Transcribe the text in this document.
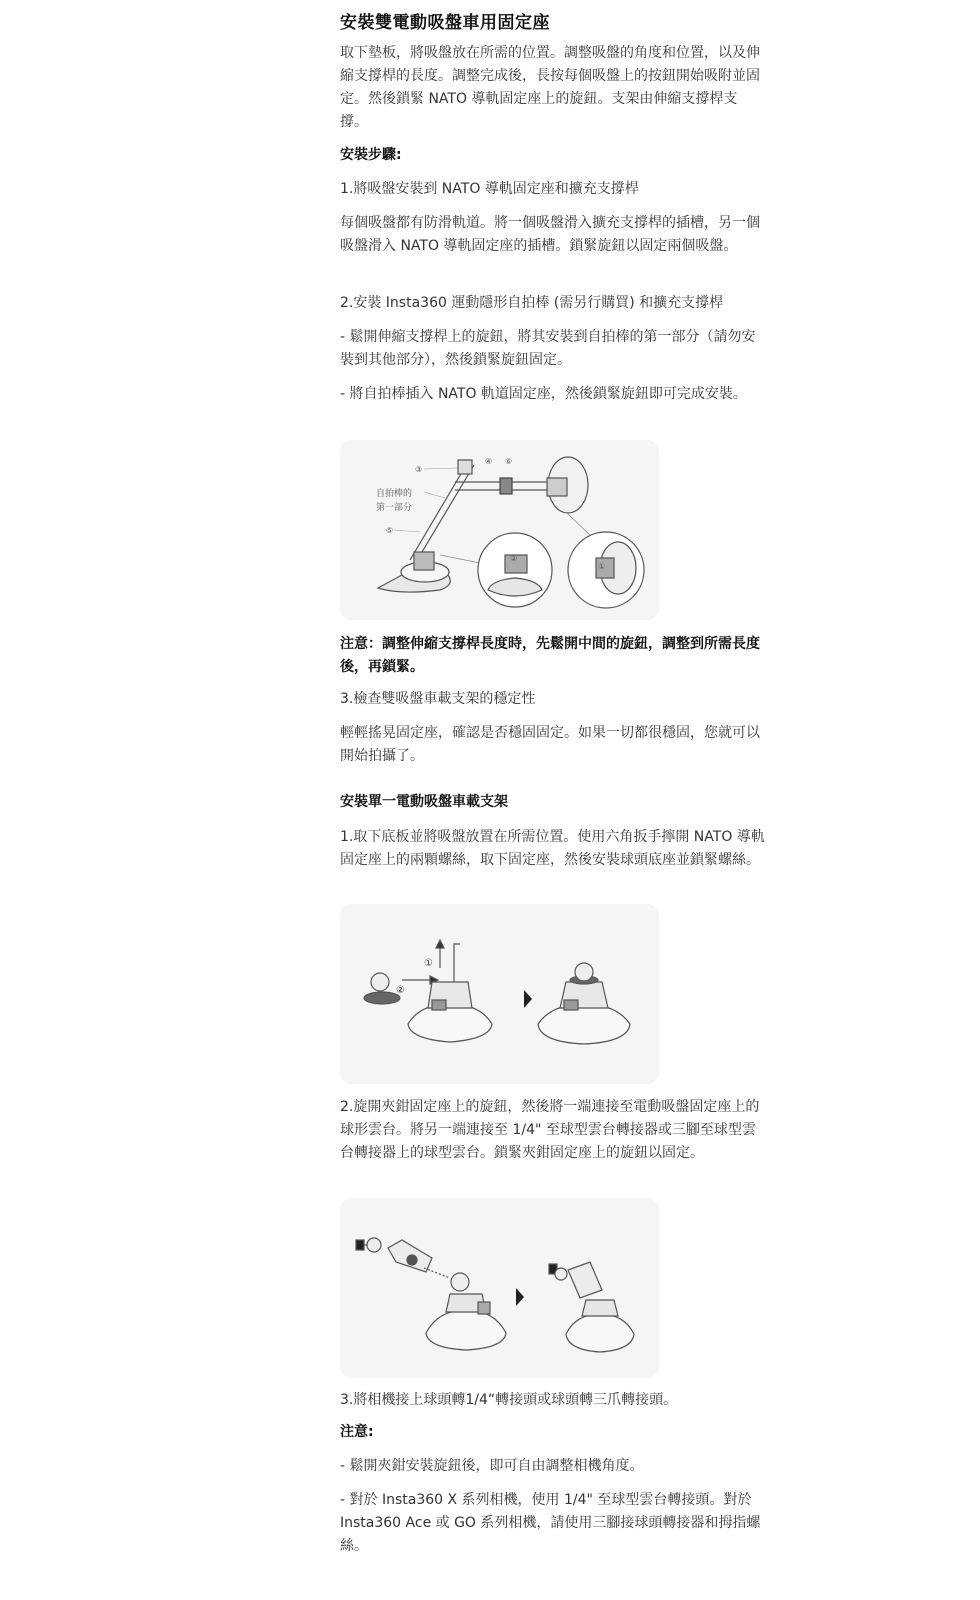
安裝雙電動吸盤車用固定座
取下墊板，將吸盤放在所需的位置。調整吸盤的角度和位置，以及伸縮支撐桿的長度。調整完成後，長按每個吸盤上的按鈕開始吸附並固定。然後鎖緊 NATO 導軌固定座上的旋鈕。支架由伸縮支撐桿支撐。
安裝步驟:
1.將吸盤安裝到 NATO 導軌固定座和擴充支撐桿
每個吸盤都有防滑軌道。將一個吸盤滑入擴充支撐桿的插槽，另一個吸盤滑入 NATO 導軌固定座的插槽。鎖緊旋鈕以固定兩個吸盤。
2.安裝 Insta360 運動隱形自拍棒 (需另行購買) 和擴充支撐桿
- 鬆開伸縮支撐桿上的旋鈕，將其安裝到自拍棒的第一部分（請勿安裝到其他部分），然後鎖緊旋鈕固定。
- 將自拍棒插入 NATO 軌道固定座，然後鎖緊旋鈕即可完成安裝。
③
④ ⑥
⑤
②
①
自拍棒的
第一部分
注意：調整伸縮支撐桿長度時，先鬆開中間的旋鈕，調整到所需長度後，再鎖緊。
3.檢查雙吸盤車載支架的穩定性
輕輕搖晃固定座，確認是否穩固固定。如果一切都很穩固，您就可以開始拍攝了。
安裝單一電動吸盤車載支架
1.取下底板並將吸盤放置在所需位置。使用六角扳手擰開 NATO 導軌固定座上的兩顆螺絲，取下固定座，然後安裝球頭底座並鎖緊螺絲。
①
②
2.旋開夾鉗固定座上的旋鈕，然後將一端連接至電動吸盤固定座上的球形雲台。將另一端連接至 1/4" 至球型雲台轉接器或三腳至球型雲台轉接器上的球型雲台。鎖緊夾鉗固定座上的旋鈕以固定。
3.將相機接上球頭轉1/4“轉接頭或球頭轉三爪轉接頭。
注意:
- 鬆開夾鉗安裝旋鈕後，即可自由調整相機角度。
- 對於 Insta360 X 系列相機，使用 1/4" 至球型雲台轉接頭。對於 Insta360 Ace 或 GO 系列相機，請使用三腳接球頭轉接器和拇指螺絲。
